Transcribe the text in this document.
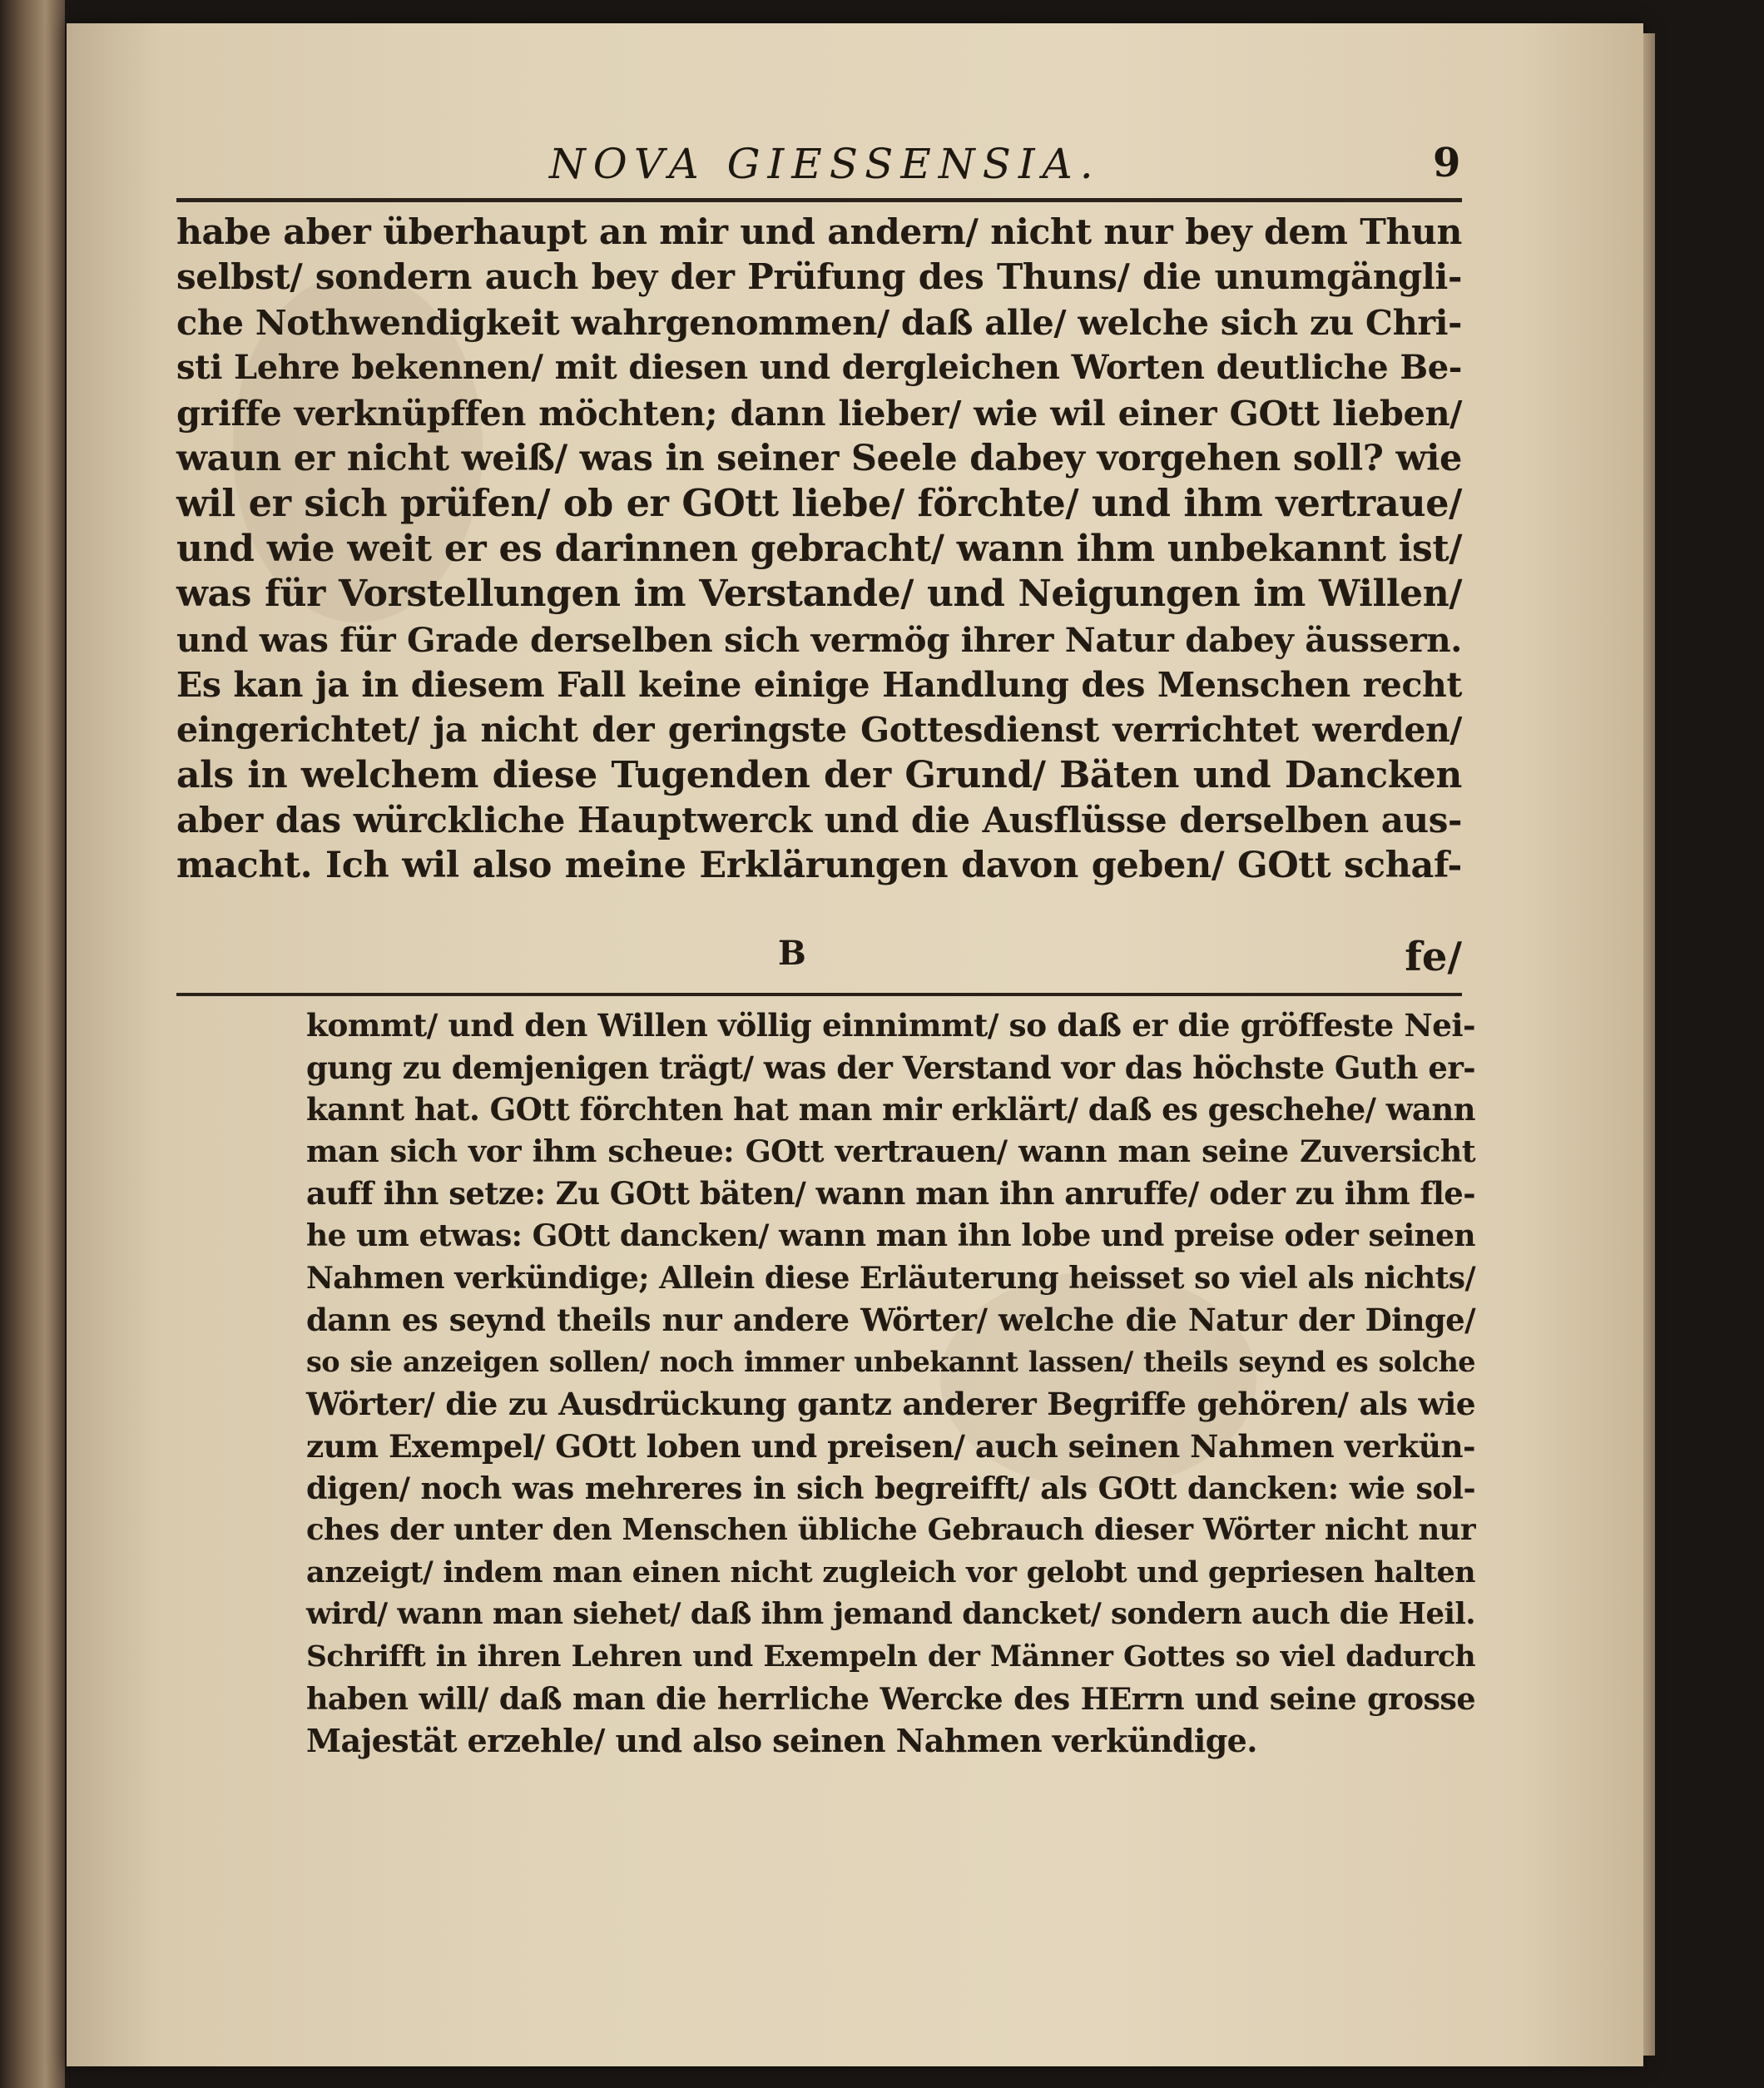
NOVA GIESSENSIA.	9
habe aber überhaupt an mir und andern/ nicht nur bey dem Thun
selbst/ sondern auch bey der Prüfung des Thuns/ die unumgängli-
che Nothwendigkeit wahrgenommen/ daß alle/ welche sich zu Chri-
sti Lehre bekennen/ mit diesen und dergleichen Worten deutliche Be-
griffe verknüpffen möchten; dann lieber/ wie wil einer GOtt lieben/
waun er nicht weiß/ was in seiner Seele dabey vorgehen soll? wie
wil er sich prüfen/ ob er GOtt liebe/ förchte/ und ihm vertraue/
und wie weit er es darinnen gebracht/ wann ihm unbekannt ist/
was für Vorstellungen im Verstande/ und Neigungen im Willen/
und was für Grade derselben sich vermög ihrer Natur dabey äussern.
Es kan ja in diesem Fall keine einige Handlung des Menschen recht
eingerichtet/ ja nicht der geringste Gottesdienst verrichtet werden/
als in welchem diese Tugenden der Grund/ Bäten und Dancken
aber das würckliche Hauptwerck und die Ausflüsse derselben aus-
macht. Ich wil also meine Erklärungen davon geben/ GOtt schaf-
B	fe/
kommt/ und den Willen völlig einnimmt/ so daß er die gröffeste Nei-
gung zu demjenigen trägt/ was der Verstand vor das höchste Guth er-
kannt hat. GOtt förchten hat man mir erklärt/ daß es geschehe/ wann
man sich vor ihm scheue: GOtt vertrauen/ wann man seine Zuversicht
auff ihn setze: Zu GOtt bäten/ wann man ihn anruffe/ oder zu ihm fle-
he um etwas: GOtt dancken/ wann man ihn lobe und preise oder seinen
Nahmen verkündige; Allein diese Erläuterung heisset so viel als nichts/
dann es seynd theils nur andere Wörter/ welche die Natur der Dinge/
so sie anzeigen sollen/ noch immer unbekannt lassen/ theils seynd es solche
Wörter/ die zu Ausdrückung gantz anderer Begriffe gehören/ als wie
zum Exempel/ GOtt loben und preisen/ auch seinen Nahmen verkün-
digen/ noch was mehreres in sich begreifft/ als GOtt dancken: wie sol-
ches der unter den Menschen übliche Gebrauch dieser Wörter nicht nur
anzeigt/ indem man einen nicht zugleich vor gelobt und gepriesen halten
wird/ wann man siehet/ daß ihm jemand dancket/ sondern auch die Heil.
Schrifft in ihren Lehren und Exempeln der Männer Gottes so viel dadurch
haben will/ daß man die herrliche Wercke des HErrn und seine grosse
Majestät erzehle/ und also seinen Nahmen verkündige.
